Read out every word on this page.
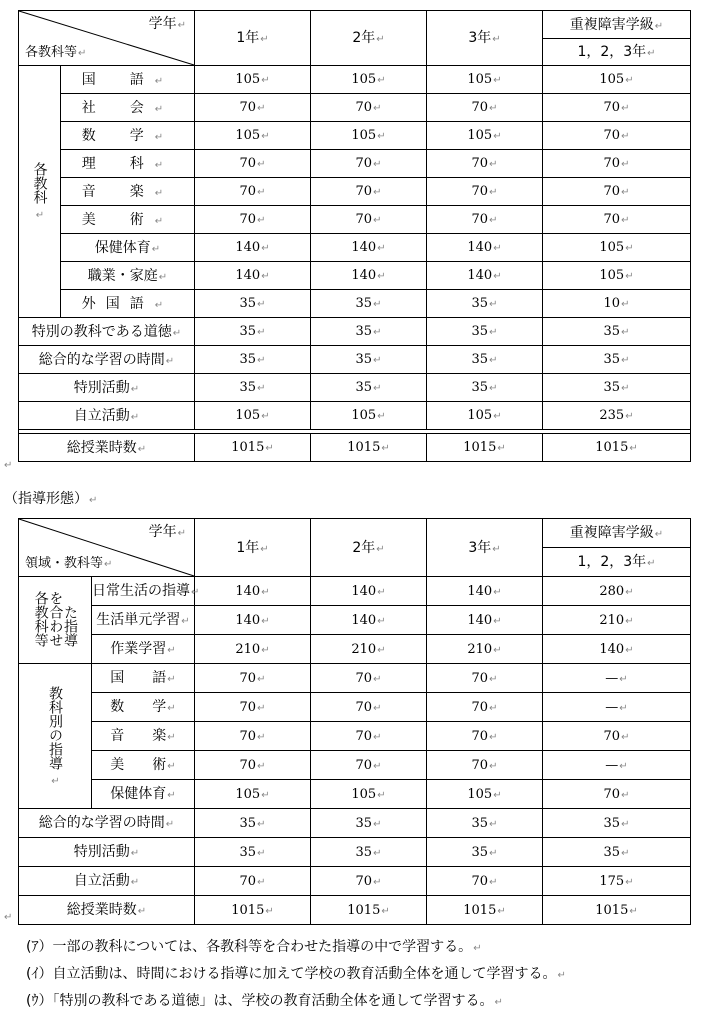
学年↵
各教科等↵		1年↵	2年↵	3年↵	重複障害学級↵
					1，2，3年↵
各教科
↵	国　語↵	105↵	105↵	105↵	105↵
	社　会↵	70↵	70↵	70↵	70↵
	数　学↵	105↵	105↵	105↵	70↵
	理　科↵	70↵	70↵	70↵	70↵
	音　楽↵	70↵	70↵	70↵	70↵
	美　術↵	70↵	70↵	70↵	70↵
	保健体育↵	140↵	140↵	140↵	105↵
	職業・家庭↵	140↵	140↵	140↵	105↵
	外国語↵	35↵	35↵	35↵	10↵
特別の教科である道徳↵		35↵	35↵	35↵	35↵
総合的な学習の時間↵		35↵	35↵	35↵	35↵
特別活動↵		35↵	35↵	35↵	35↵
自立活動↵		105↵	105↵	105↵	235↵

総授業時数↵		1015↵	1015↵	1015↵	1015↵
↵
（指導形態）↵
学年↵
領域・教科等↵		1年↵	2年↵	3年↵	重複障害学級↵
					1，2，3年↵
各教科等を合わせた指導	日常生活の指導↵	140↵	140↵	140↵	280↵
	生活単元学習↵	140↵	140↵	140↵	210↵
	作業学習↵	210↵	210↵	210↵	140↵
教科別の指導
↵	国　　語↵	70↵	70↵	70↵	—↵
	数　　学↵	70↵	70↵	70↵	—↵
	音　　楽↵	70↵	70↵	70↵	70↵
	美　　術↵	70↵	70↵	70↵	—↵
	保健体育↵	105↵	105↵	105↵	70↵
総合的な学習の時間↵		35↵	35↵	35↵	35↵
特別活動↵		35↵	35↵	35↵	35↵
自立活動↵		70↵	70↵	70↵	175↵
総授業時数↵		1015↵	1015↵	1015↵	1015↵
↵
(ｱ）一部の教科については、各教科等を合わせた指導の中で学習する。↵
(ｲ）自立活動は、時間における指導に加えて学校の教育活動全体を通して学習する。↵
(ｳ）「特別の教科である道徳」は、学校の教育活動全体を通して学習する。↵
